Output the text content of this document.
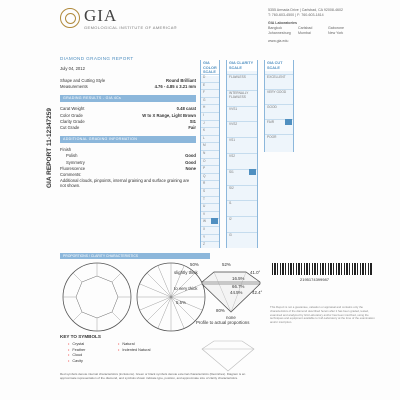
GIA
GEMOLOGICAL INSTITUTE OF AMERICA®
5355 Armada Drive | Carlsbad, CA 92008-4602
T: 760-603-4500 | F: 760-603-1814
GIA Laboratories
Bangkok	Carlsbad	Gaborone
Johannesburg	Mumbai	New York
www.gia.edu
GIA REPORT 11-12347259
DIAMOND GRADING REPORT
July 04, 2012
Shape and Cutting Style	Round Brilliant
Measurements	4.76 - 4.85 x 3.21 mm
GRADING RESULTS - GIA 4Cs
Carat Weight	0.48 carat
Color Grade	W to X Range, Light Brown
Clarity Grade	SI1
Cut Grade	Fair
ADDITIONAL GRADING INFORMATION
Finish
Polish	Good
Symmetry	Good
Fluorescence	None
Comments:
Additional clouds, pinpoints, internal graining and surface graining are not shown.
GIA COLOR SCALE
D
E
F
G
H
I
J
K
L
M
N
O
P
Q
R
S
T
U
V
W
X
Y
Z
GIA CLARITY SCALE
FLAWLESS
INTERNALLY FLAWLESS
VVS1
VVS2
VS1
VS2
SI1
SI2
I1
I2
I3
GIA CUT SCALE
EXCELLENT
VERY GOOD
GOOD
FAIR
POOR
PROPORTIONS / CLARITY CHARACTERISTICS
50%	52%
41.0°
16.5%
66.7%
44.5% 42.4°
slightly thick
to very thick
5.5%
80%
none
Profile to actual proportions
2195174399987
This Report is not a guarantee, valuation or appraisal and contains only the characteristics of the diamond described herein after it has been graded, tested, examined and analyzed by GIA Laboratory and/or has been inscribed, using the techniques and equipment available to GIA Laboratory at the time of the examination and/or inscription.
KEY TO SYMBOLS
• Crystal	• Natural
• Feather	• Indented Natural
• Cloud
• Cavity
Red symbols denote internal characteristics (inclusions). Green or black symbols denote external characteristics (blemishes). Diagram is an approximate representation of the diamond, and symbols shown indicate type, position, and approximate size of clarity characteristics.
